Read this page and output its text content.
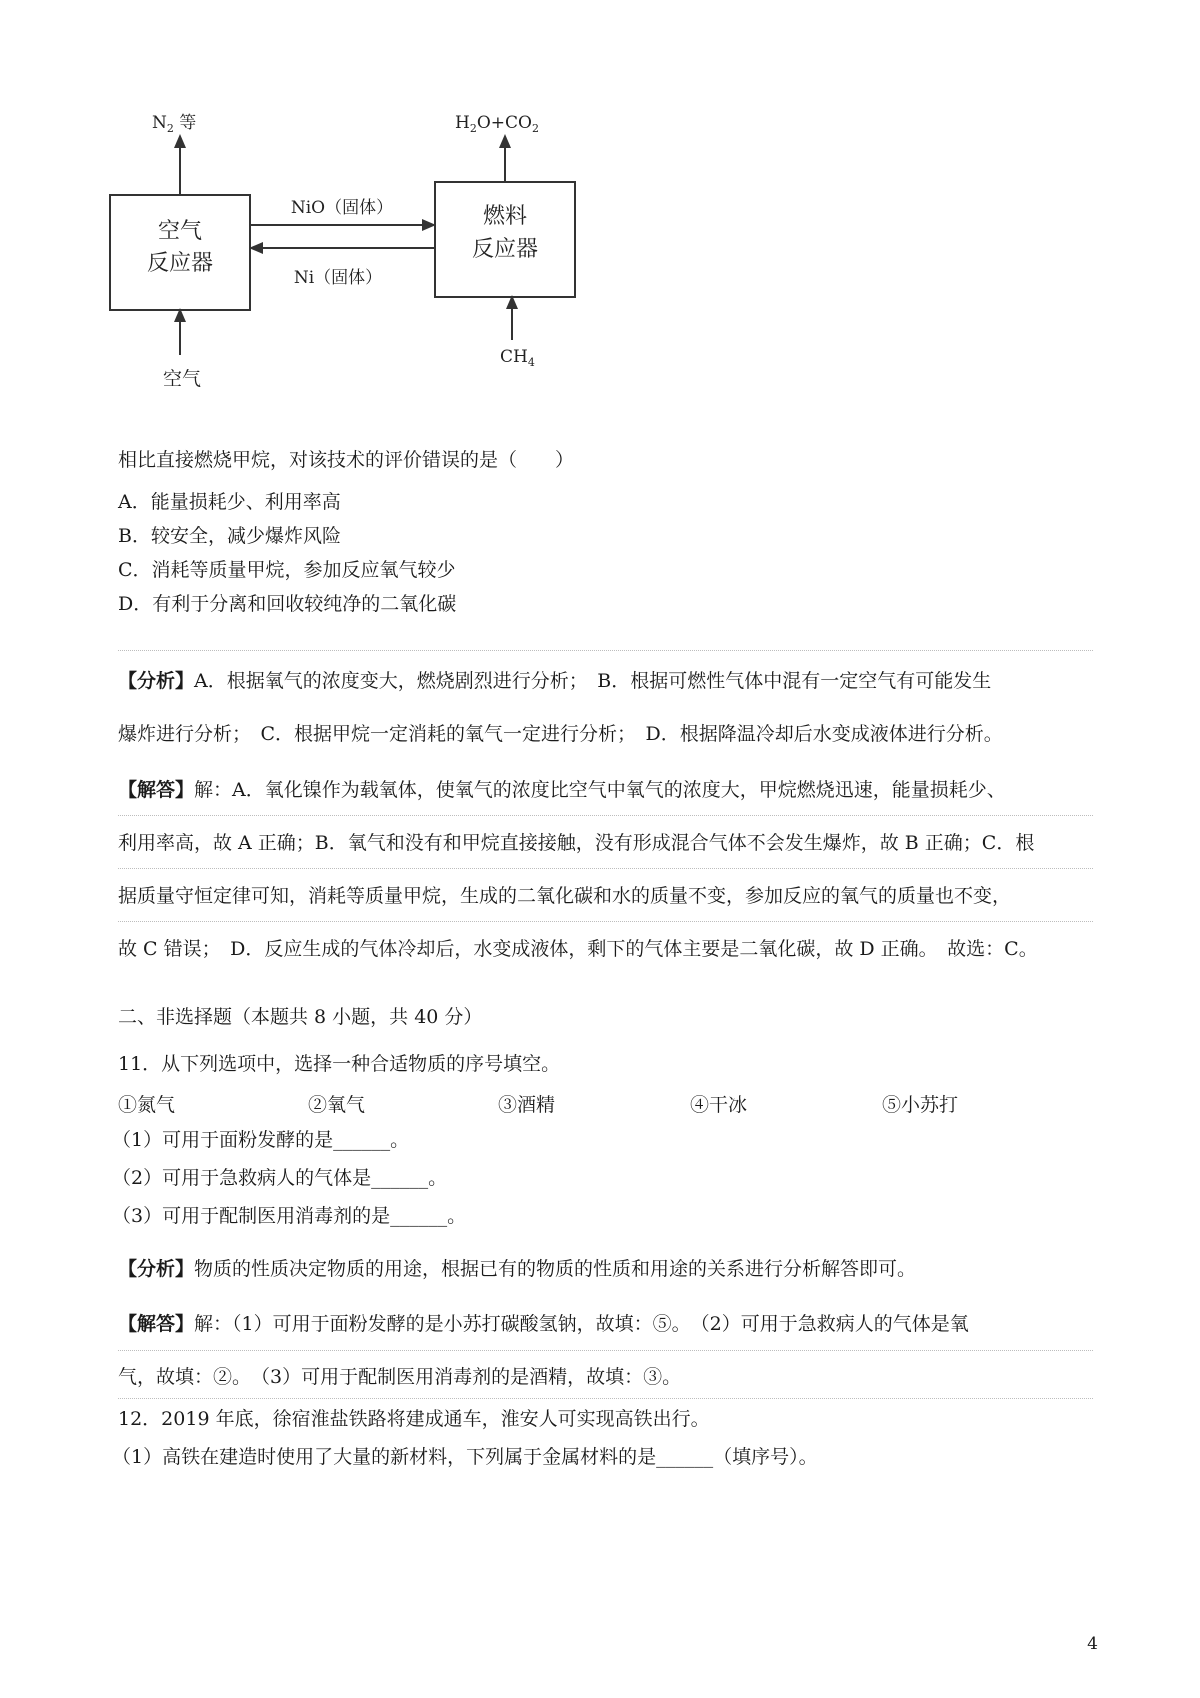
空气
反应器
燃料
反应器
NiO（固体）
Ni（固体）
$N_2$ 等	$H_2O+CO_2$
空气
$CH_4$
相比直接燃烧甲烷，对该技术的评价错误的是（　　）
A．能量损耗少、利用率高
B．较安全，减少爆炸风险
C．消耗等质量甲烷，参加反应氧气较少
D．有利于分离和回收较纯净的二氧化碳
【分析】A．根据氧气的浓度变大，燃烧剧烈进行分析；　B．根据可燃性气体中混有一定空气有可能发生
爆炸进行分析；　C．根据甲烷一定消耗的氧气一定进行分析；　D．根据降温冷却后水变成液体进行分析。
【解答】解：A．氧化镍作为载氧体，使氧气的浓度比空气中氧气的浓度大，甲烷燃烧迅速，能量损耗少、
利用率高，故 A 正确；B．氧气和没有和甲烷直接接触，没有形成混合气体不会发生爆炸，故 B 正确；C．根
据质量守恒定律可知，消耗等质量甲烷，生成的二氧化碳和水的质量不变，参加反应的氧气的质量也不变，
故 C 错误；　D．反应生成的气体冷却后，水变成液体，剩下的气体主要是二氧化碳，故 D 正确。　故选：C。
二、非选择题（本题共 8 小题，共 40 分）
11．从下列选项中，选择一种合适物质的序号填空。
①氮气	②氧气	③酒精	④干冰	⑤小苏打
（1）可用于面粉发酵的是______。
（2）可用于急救病人的气体是______。
（3）可用于配制医用消毒剂的是______。
【分析】物质的性质决定物质的用途，根据已有的物质的性质和用途的关系进行分析解答即可。
【解答】解：（1）可用于面粉发酵的是小苏打碳酸氢钠，故填：⑤。　（2）可用于急救病人的气体是氧
气，故填：②。　（3）可用于配制医用消毒剂的是酒精，故填：③。
12．2019 年底，徐宿淮盐铁路将建成通车，淮安人可实现高铁出行。
（1）高铁在建造时使用了大量的新材料，下列属于金属材料的是______（填序号）。
4
